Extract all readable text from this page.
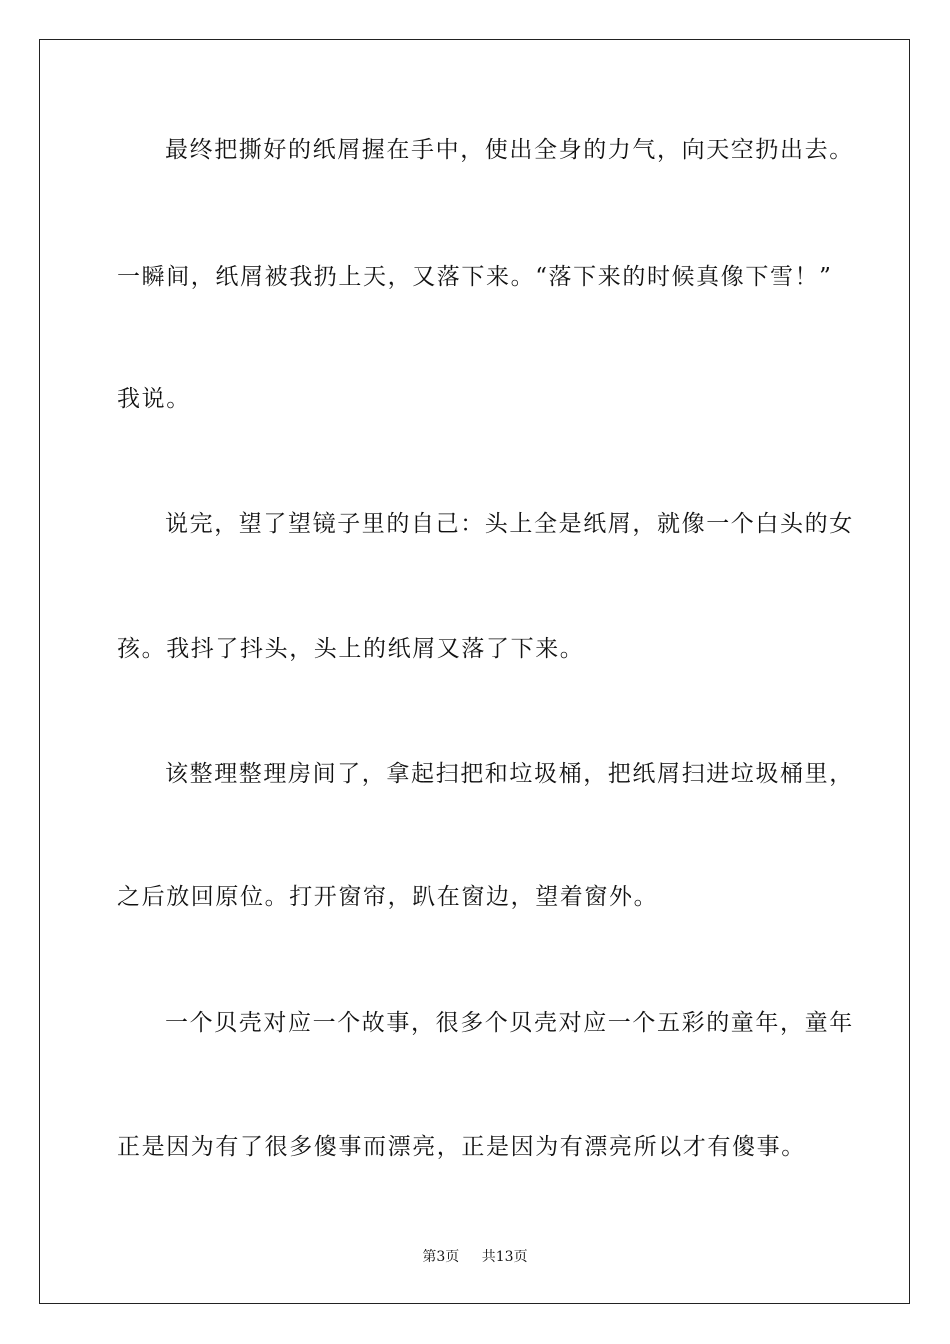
最终把撕好的纸屑握在手中，使出全身的力气，向天空扔出去。
一瞬间，纸屑被我扔上天，又落下来。“落下来的时候真像下雪！”
我说。
说完，望了望镜子里的自己：头上全是纸屑，就像一个白头的女
孩。我抖了抖头，头上的纸屑又落了下来。
该整理整理房间了，拿起扫把和垃圾桶，把纸屑扫进垃圾桶里，
之后放回原位。打开窗帘，趴在窗边，望着窗外。
一个贝壳对应一个故事，很多个贝壳对应一个五彩的童年，童年
正是因为有了很多傻事而漂亮，正是因为有漂亮所以才有傻事。
第3页 共13页
